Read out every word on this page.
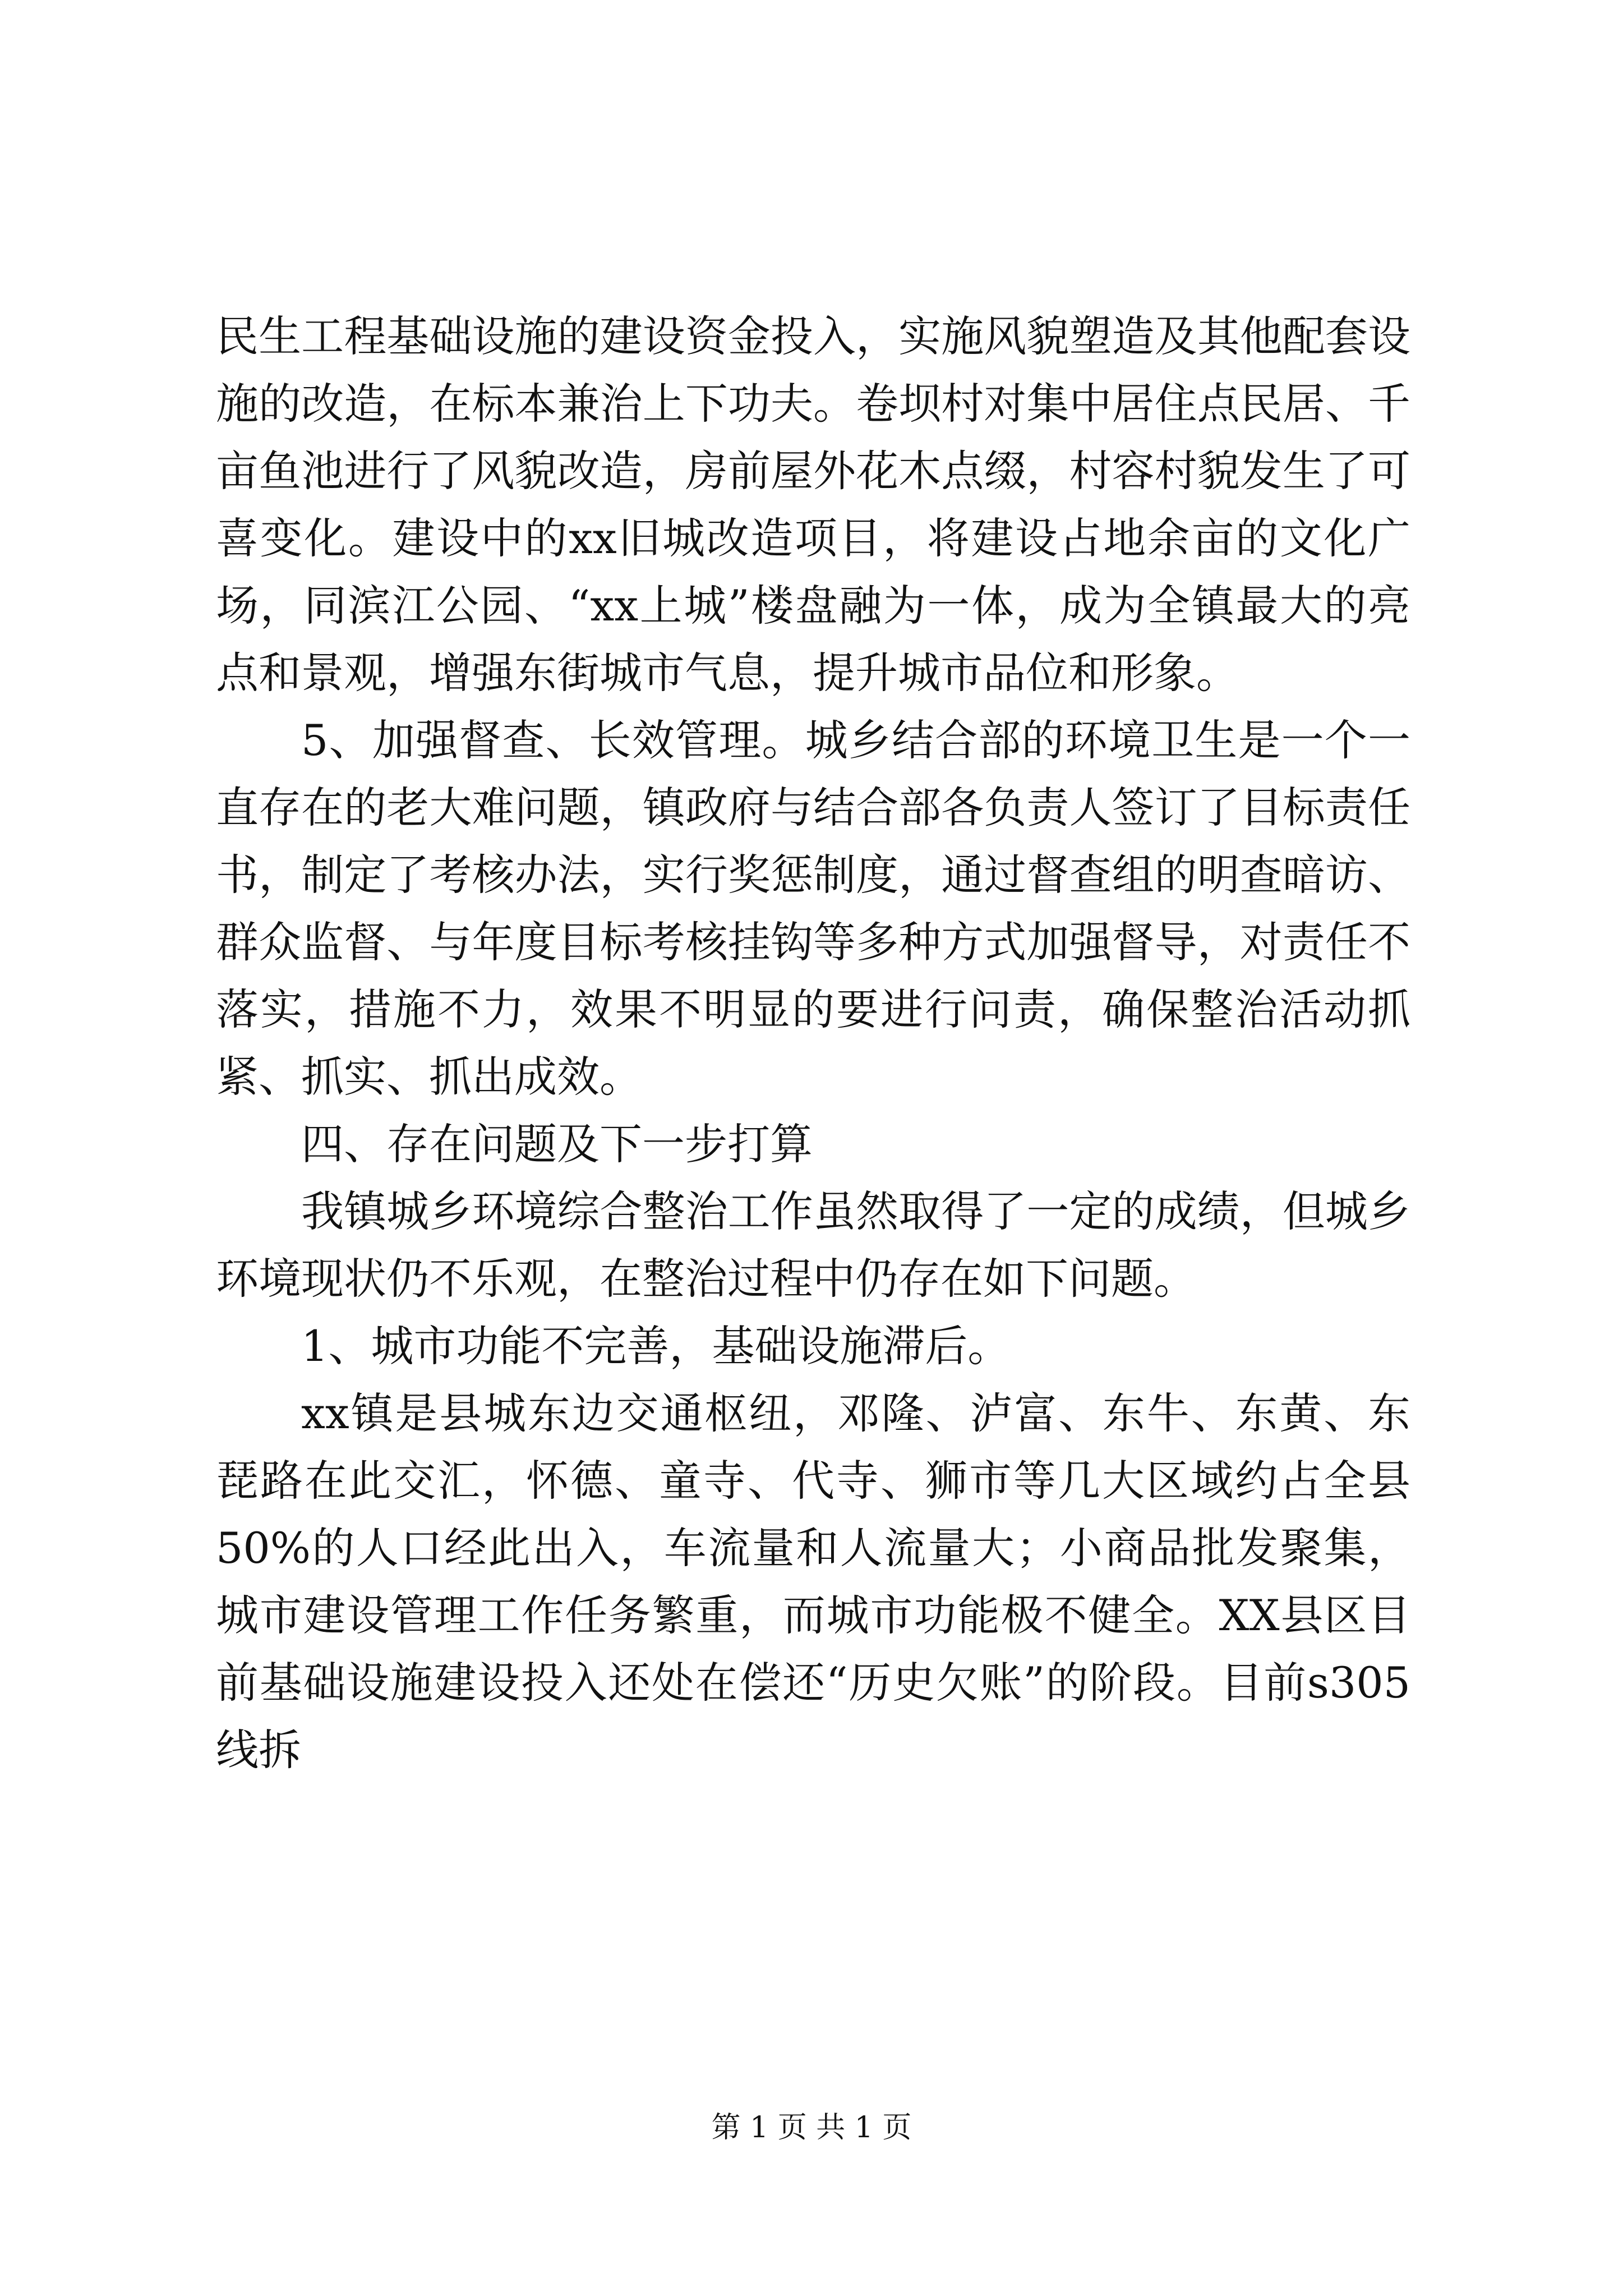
民生工程基础设施的建设资金投入，实施风貌塑造及其他配套设施的改造，在标本兼治上下功夫。卷坝村对集中居住点民居、千亩鱼池进行了风貌改造，房前屋外花木点缀，村容村貌发生了可喜变化。建设中的xx旧城改造项目，将建设占地余亩的文化广场，同滨江公园、“xx上城”楼盘融为一体，成为全镇最大的亮点和景观，增强东街城市气息，提升城市品位和形象。

5、加强督查、长效管理。城乡结合部的环境卫生是一个一直存在的老大难问题，镇政府与结合部各负责人签订了目标责任书，制定了考核办法，实行奖惩制度，通过督查组的明查暗访、群众监督、与年度目标考核挂钩等多种方式加强督导，对责任不落实，措施不力，效果不明显的要进行问责，确保整治活动抓紧、抓实、抓出成效。

四、存在问题及下一步打算

我镇城乡环境综合整治工作虽然取得了一定的成绩，但城乡环境现状仍不乐观，在整治过程中仍存在如下问题。

1、城市功能不完善，基础设施滞后。

xx镇是县城东边交通枢纽，邓隆、泸富、东牛、东黄、东琵路在此交汇，怀德、童寺、代寺、狮市等几大区域约占全县50%的人口经此出入，车流量和人流量大；小商品批发聚集，城市建设管理工作任务繁重，而城市功能极不健全。XX县区目前基础设施建设投入还处在偿还“历史欠账”的阶段。目前s305线拆

第 1 页 共 1 页
